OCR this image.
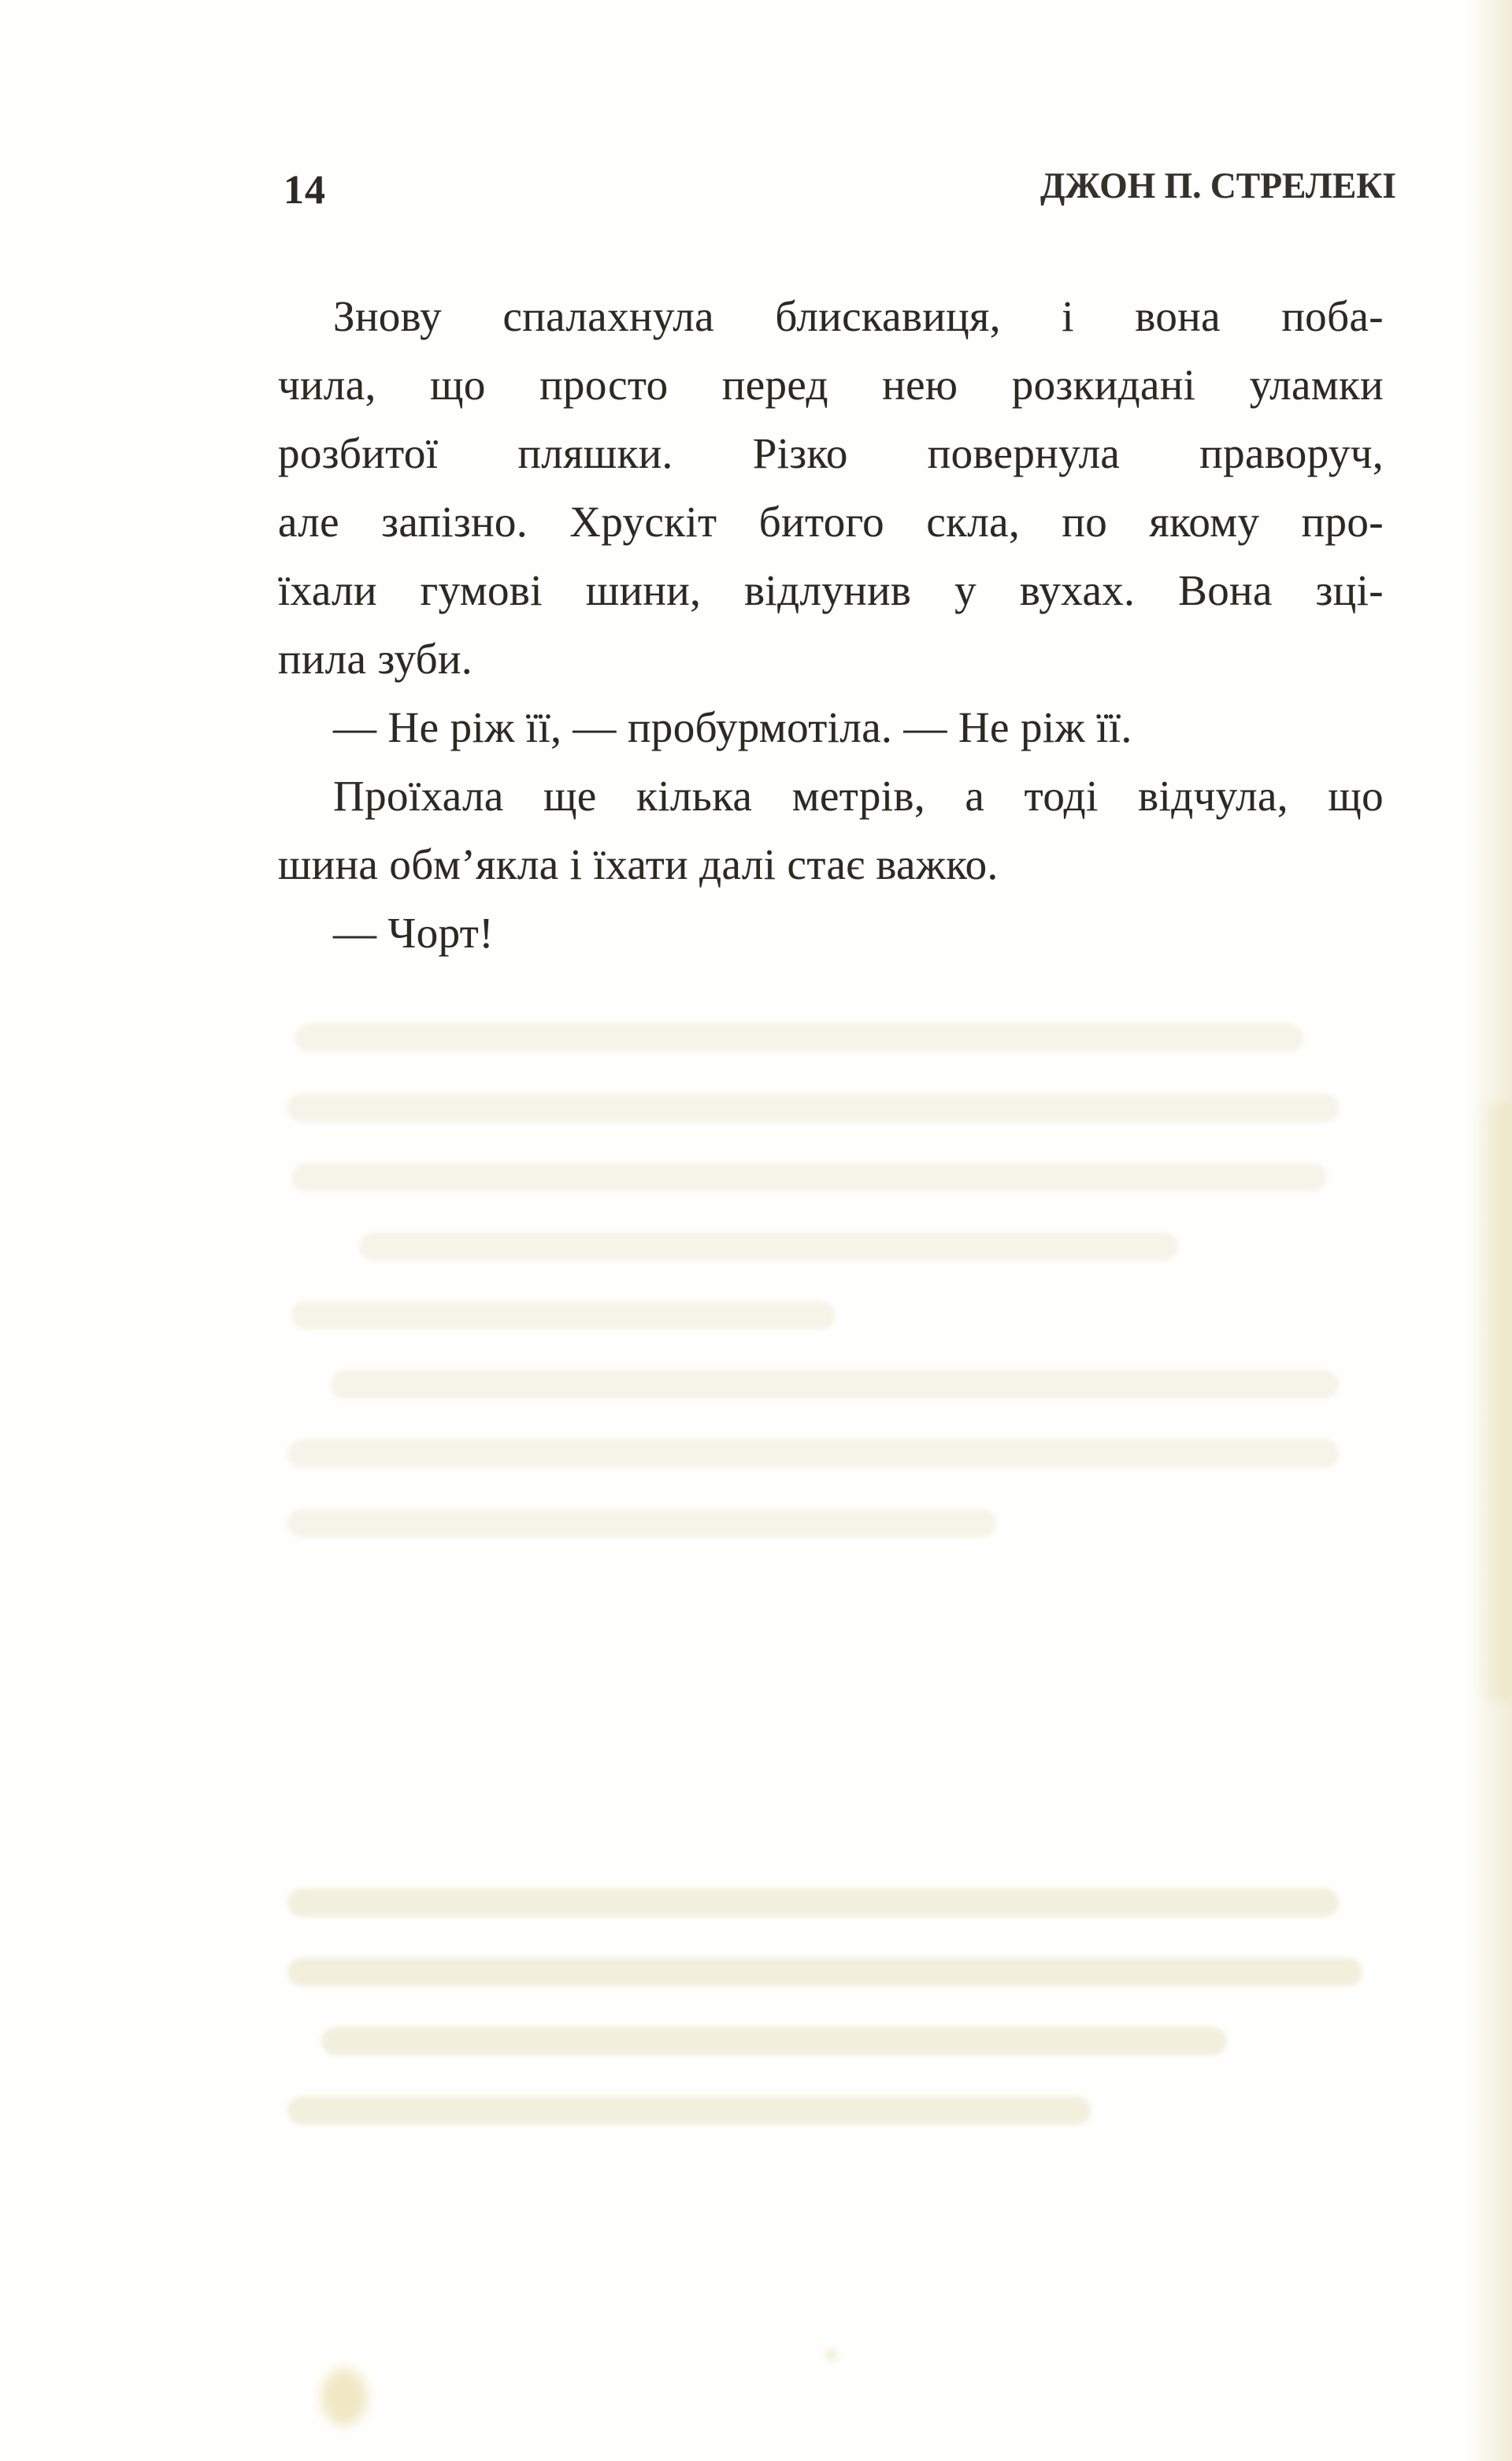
14	ДЖОН П. СТРЕЛЕКІ
Знову спалахнула блискавиця, і вона поба-
чила, що просто перед нею розкидані уламки
розбитої пляшки. Різко повернула праворуч,
але запізно. Хрускіт битого скла, по якому про-
їхали гумові шини, відлунив у вухах. Вона зці-
пила зуби.
— Не ріж її, — пробурмотіла. — Не ріж її.
Проїхала ще кілька метрів, а тоді відчула, що
шина обм’якла і їхати далі стає важко.
— Чорт!
